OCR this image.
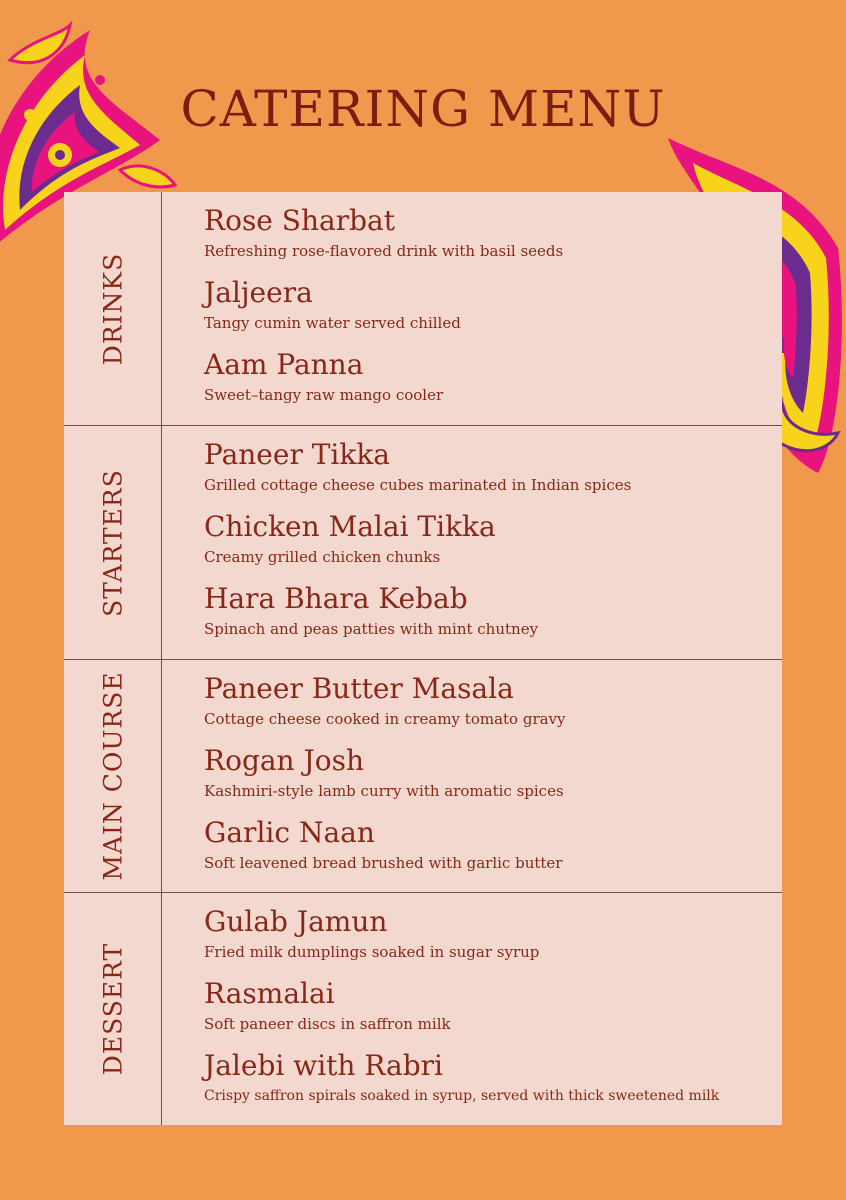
CATERING MENU
DRINKS
Rose Sharbat
Refreshing rose-flavored drink with basil seeds
Jaljeera
Tangy cumin water served chilled
Aam Panna
Sweet–tangy raw mango cooler
STARTERS
Paneer Tikka
Grilled cottage cheese cubes marinated in Indian spices
Chicken Malai Tikka
Creamy grilled chicken chunks
Hara Bhara Kebab
Spinach and peas patties with mint chutney
MAIN COURSE	Paneer Butter Masala
Cottage cheese cooked in creamy tomato gravy
Rogan Josh
Kashmiri-style lamb curry with aromatic spices
Garlic Naan
Soft leavened bread brushed with garlic butter
DESSERT
Gulab Jamun
Fried milk dumplings soaked in sugar syrup
Rasmalai
Soft paneer discs in saffron milk
Jalebi with Rabri
Crispy saffron spirals soaked in syrup, served with thick sweetened milk
